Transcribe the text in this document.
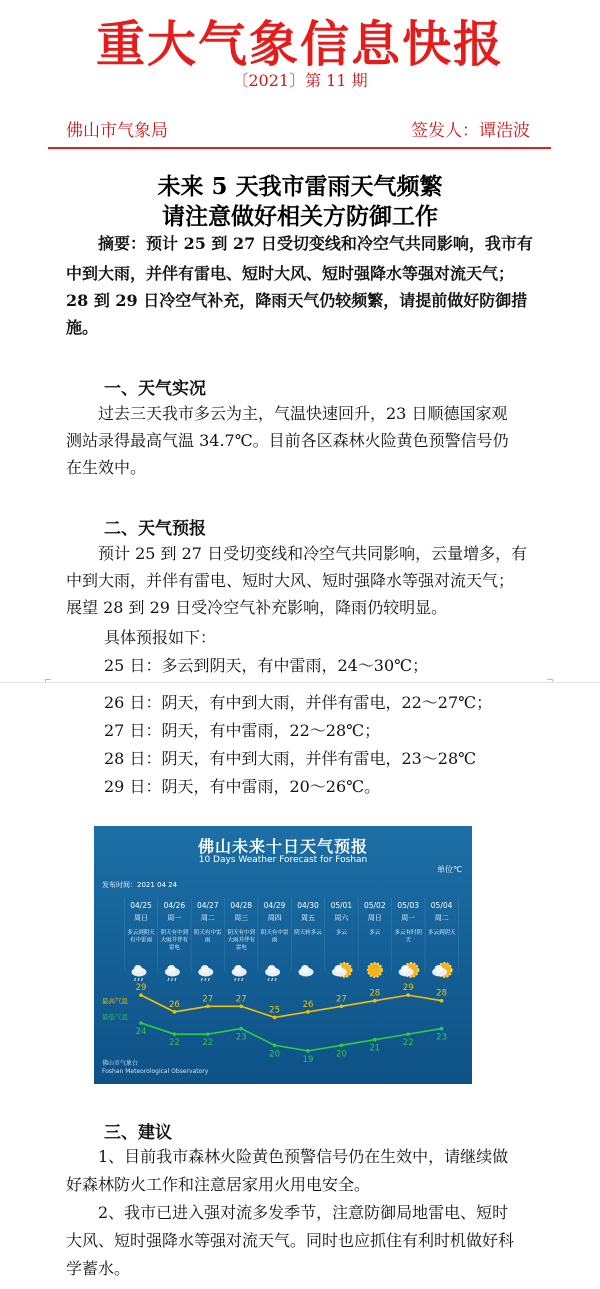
重大气象信息快报
〔2021〕第 11 期
佛山市气象局	签发人：谭浩波
未来 5 天我市雷雨天气频繁
请注意做好相关方防御工作
摘要：预计 25 到 27 日受切变线和冷空气共同影响，我市有
中到大雨，并伴有雷电、短时大风、短时强降水等强对流天气；
28 到 29 日冷空气补充，降雨天气仍较频繁，请提前做好防御措
施。
一、天气实况
过去三天我市多云为主，气温快速回升，23 日顺德国家观
测站录得最高气温 34.7℃。目前各区森林火险黄色预警信号仍
在生效中。
二、天气预报
预计 25 到 27 日受切变线和冷空气共同影响，云量增多，有
中到大雨，并伴有雷电、短时大风、短时强降水等强对流天气；
展望 28 到 29 日受冷空气补充影响，降雨仍较明显。
具体预报如下：
25 日：多云到阴天，有中雷雨，24～30℃；
⌐	¬
26 日：阴天，有中到大雨，并伴有雷电，22～27℃；
27 日：阴天，有中雷雨，22～28℃；
28 日：阴天，有中到大雨，并伴有雷电，23～28℃
29 日：阴天，有中雷雨，20～26℃。
佛山未来十日天气预报
10 Days Weather Forecast for Foshan
单位℃
发布时间：2021 04 24
04/25
周日
多云到阴天
有中雷雨
04/26
周一
阴天有中到
大雨并伴有
雷电
04/27
周二
阴天有中雷
雨
04/28
周三
阴天有中到
大雨并伴有
雷电
04/29
周四
阴天有中雷
雨
04/30
周五
阴天转多云
05/01
周六
多云
05/02
周日
多云
05/03
周一
多云有时阴
天
05/04
周二
多云到阴天
29
26
27	27
25
26
27
28
29
28
24
22	22
23
20
19
20
21
22
23
最高气温
最低气温
佛山市气象台
Foshan Meteorological Observatory
三、建议
1、目前我市森林火险黄色预警信号仍在生效中，请继续做
好森林防火工作和注意居家用火用电安全。
2、我市已进入强对流多发季节，注意防御局地雷电、短时
大风、短时强降水等强对流天气。同时也应抓住有利时机做好科
学蓄水。
